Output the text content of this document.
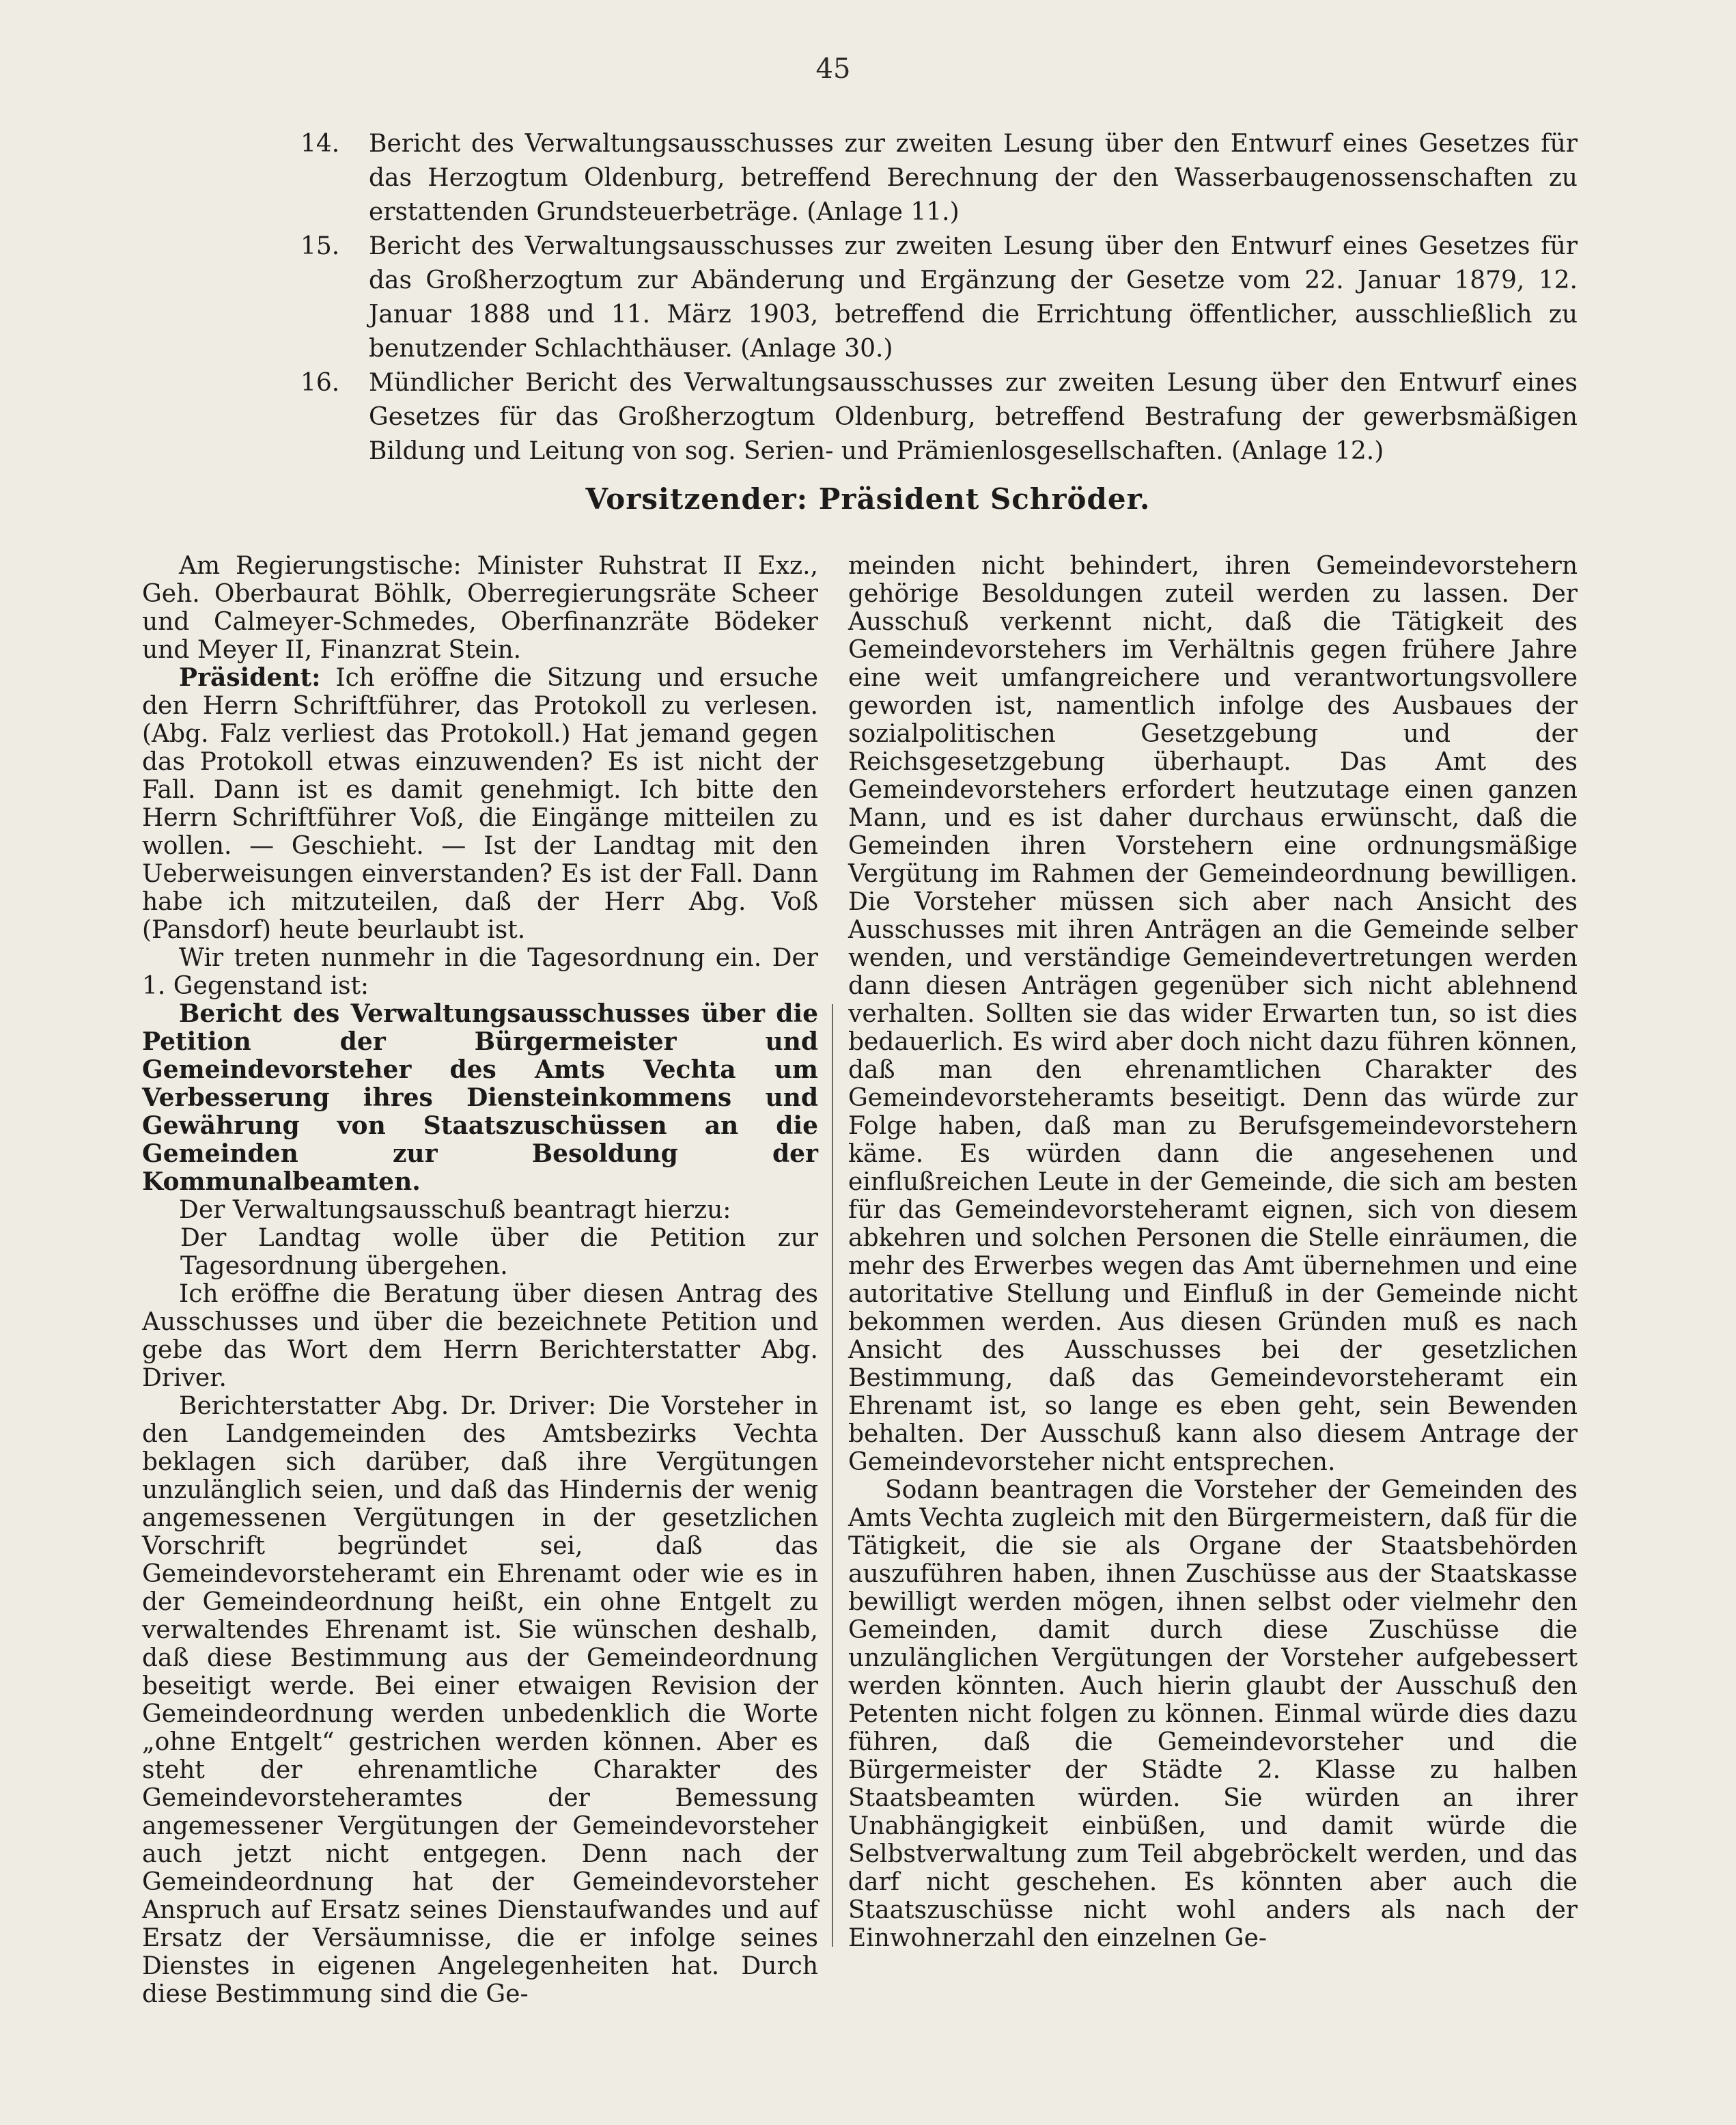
45
14. Bericht des Verwaltungsausschusses zur zweiten Lesung über den Entwurf eines Gesetzes für das Herzogtum Oldenburg, betreffend Berechnung der den Wasserbaugenossenschaften zu erstattenden Grundsteuerbeträge. (Anlage 11.)
15. Bericht des Verwaltungsausschusses zur zweiten Lesung über den Entwurf eines Gesetzes für das Großherzogtum zur Abänderung und Ergänzung der Gesetze vom 22. Januar 1879, 12. Januar 1888 und 11. März 1903, betreffend die Errichtung öffentlicher, ausschließlich zu benutzender Schlachthäuser. (Anlage 30.)
16. Mündlicher Bericht des Verwaltungsausschusses zur zweiten Lesung über den Entwurf eines Gesetzes für das Großherzogtum Oldenburg, betreffend Bestrafung der gewerbsmäßigen Bildung und Leitung von sog. Serien- und Prämienlosgesellschaften. (Anlage 12.)
Vorsitzender: Präsident Schröder.

Am Regierungstische: Minister Ruhstrat II Exz., Geh. Oberbaurat Böhlk, Oberregierungsräte Scheer und Calmeyer-Schmedes, Oberfinanzräte Bödeker und Meyer II, Finanzrat Stein.

Präsident: Ich eröffne die Sitzung und ersuche den Herrn Schriftführer, das Protokoll zu verlesen. (Abg. Falz verliest das Protokoll.) Hat jemand gegen das Protokoll etwas einzuwenden? Es ist nicht der Fall. Dann ist es damit genehmigt. Ich bitte den Herrn Schriftführer Voß, die Eingänge mitteilen zu wollen. — Geschieht. — Ist der Landtag mit den Ueberweisungen einverstanden? Es ist der Fall. Dann habe ich mitzuteilen, daß der Herr Abg. Voß (Pansdorf) heute beurlaubt ist.

Wir treten nunmehr in die Tagesordnung ein. Der 1. Gegenstand ist:

Bericht des Verwaltungsausschusses über die Petition der Bürgermeister und Gemeindevorsteher des Amts Vechta um Verbesserung ihres Diensteinkommens und Gewährung von Staatszuschüssen an die Gemeinden zur Besoldung der Kommunalbeamten.

Der Verwaltungsausschuß beantragt hierzu:

Der Landtag wolle über die Petition zur Tagesordnung übergehen.

Ich eröffne die Beratung über diesen Antrag des Ausschusses und über die bezeichnete Petition und gebe das Wort dem Herrn Berichterstatter Abg. Driver.

Berichterstatter Abg. Dr. Driver: Die Vorsteher in den Landgemeinden des Amtsbezirks Vechta beklagen sich darüber, daß ihre Vergütungen unzulänglich seien, und daß das Hindernis der wenig angemessenen Vergütungen in der gesetzlichen Vorschrift begründet sei, daß das Gemeindevorsteheramt ein Ehrenamt oder wie es in der Gemeindeordnung heißt, ein ohne Entgelt zu verwaltendes Ehrenamt ist. Sie wünschen deshalb, daß diese Bestimmung aus der Gemeindeordnung beseitigt werde. Bei einer etwaigen Revision der Gemeindeordnung werden unbedenklich die Worte „ohne Entgelt“ gestrichen werden können. Aber es steht der ehrenamtliche Charakter des Gemeindevorsteheramtes der Bemessung angemessener Vergütungen der Gemeindevorsteher auch jetzt nicht entgegen. Denn nach der Gemeindeordnung hat der Gemeindevorsteher Anspruch auf Ersatz seines Dienstaufwandes und auf Ersatz der Versäumnisse, die er infolge seines Dienstes in eigenen Angelegenheiten hat. Durch diese Bestimmung sind die Ge-

meinden nicht behindert, ihren Gemeindevorstehern gehörige Besoldungen zuteil werden zu lassen. Der Ausschuß verkennt nicht, daß die Tätigkeit des Gemeindevorstehers im Verhältnis gegen frühere Jahre eine weit umfangreichere und verantwortungsvollere geworden ist, namentlich infolge des Ausbaues der sozialpolitischen Gesetzgebung und der Reichsgesetzgebung überhaupt. Das Amt des Gemeindevorstehers erfordert heutzutage einen ganzen Mann, und es ist daher durchaus erwünscht, daß die Gemeinden ihren Vorstehern eine ordnungsmäßige Vergütung im Rahmen der Gemeindeordnung bewilligen. Die Vorsteher müssen sich aber nach Ansicht des Ausschusses mit ihren Anträgen an die Gemeinde selber wenden, und verständige Gemeindevertretungen werden dann diesen Anträgen gegenüber sich nicht ablehnend verhalten. Sollten sie das wider Erwarten tun, so ist dies bedauerlich. Es wird aber doch nicht dazu führen können, daß man den ehrenamtlichen Charakter des Gemeindevorsteheramts beseitigt. Denn das würde zur Folge haben, daß man zu Berufsgemeindevorstehern käme. Es würden dann die angesehenen und einflußreichen Leute in der Gemeinde, die sich am besten für das Gemeindevorsteheramt eignen, sich von diesem abkehren und solchen Personen die Stelle einräumen, die mehr des Erwerbes wegen das Amt übernehmen und eine autoritative Stellung und Einfluß in der Gemeinde nicht bekommen werden. Aus diesen Gründen muß es nach Ansicht des Ausschusses bei der gesetzlichen Bestimmung, daß das Gemeindevorsteheramt ein Ehrenamt ist, so lange es eben geht, sein Bewenden behalten. Der Ausschuß kann also diesem Antrage der Gemeindevorsteher nicht entsprechen.

Sodann beantragen die Vorsteher der Gemeinden des Amts Vechta zugleich mit den Bürgermeistern, daß für die Tätigkeit, die sie als Organe der Staatsbehörden auszuführen haben, ihnen Zuschüsse aus der Staatskasse bewilligt werden mögen, ihnen selbst oder vielmehr den Gemeinden, damit durch diese Zuschüsse die unzulänglichen Vergütungen der Vorsteher aufgebessert werden könnten. Auch hierin glaubt der Ausschuß den Petenten nicht folgen zu können. Einmal würde dies dazu führen, daß die Gemeindevorsteher und die Bürgermeister der Städte 2. Klasse zu halben Staatsbeamten würden. Sie würden an ihrer Unabhängigkeit einbüßen, und damit würde die Selbstverwaltung zum Teil abgebröckelt werden, und das darf nicht geschehen. Es könnten aber auch die Staatszuschüsse nicht wohl anders als nach der Einwohnerzahl den einzelnen Ge-
